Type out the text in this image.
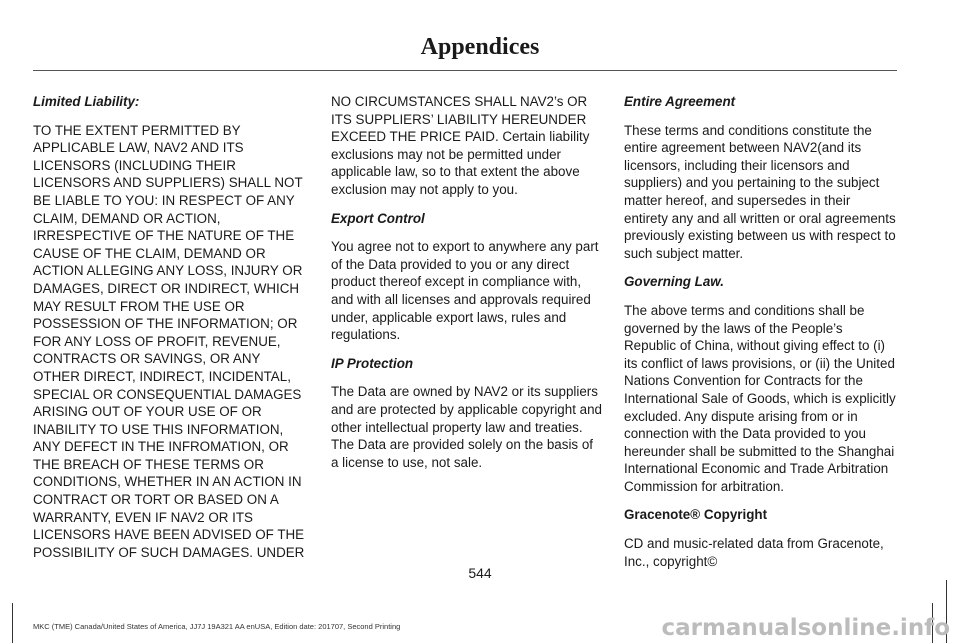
Appendices
Limited Liability:

TO THE EXTENT PERMITTED BY APPLICABLE LAW, NAV2 AND ITS LICENSORS (INCLUDING THEIR LICENSORS AND SUPPLIERS) SHALL NOT BE LIABLE TO YOU: IN RESPECT OF ANY CLAIM, DEMAND OR ACTION, IRRESPECTIVE OF THE NATURE OF THE CAUSE OF THE CLAIM, DEMAND OR ACTION ALLEGING ANY LOSS, INJURY OR DAMAGES, DIRECT OR INDIRECT, WHICH MAY RESULT FROM THE USE OR POSSESSION OF THE INFORMATION; OR FOR ANY LOSS OF PROFIT, REVENUE, CONTRACTS OR SAVINGS, OR ANY OTHER DIRECT, INDIRECT, INCIDENTAL, SPECIAL OR CONSEQUENTIAL DAMAGES ARISING OUT OF YOUR USE OF OR INABILITY TO USE THIS INFORMATION, ANY DEFECT IN THE INFROMATION, OR THE BREACH OF THESE TERMS OR CONDITIONS, WHETHER IN AN ACTION IN CONTRACT OR TORT OR BASED ON A WARRANTY, EVEN IF NAV2 OR ITS LICENSORS HAVE BEEN ADVISED OF THE POSSIBILITY OF SUCH DAMAGES. UNDER

NO CIRCUMSTANCES SHALL NAV2’s OR ITS SUPPLIERS’ LIABILITY HEREUNDER EXCEED THE PRICE PAID. Certain liability exclusions may not be permitted under applicable law, so to that extent the above exclusion may not apply to you.

Export Control

You agree not to export to anywhere any part of the Data provided to you or any direct product thereof except in compliance with, and with all licenses and approvals required under, applicable export laws, rules and regulations.

IP Protection

The Data are owned by NAV2 or its suppliers and are protected by applicable copyright and other intellectual property law and treaties. The Data are provided solely on the basis of a license to use, not sale.

Entire Agreement

These terms and conditions constitute the entire agreement between NAV2(and its licensors, including their licensors and suppliers) and you pertaining to the subject matter hereof, and supersedes in their entirety any and all written or oral agreements previously existing between us with respect to such subject matter.

Governing Law.

The above terms and conditions shall be governed by the laws of the People’s Republic of China, without giving effect to (i) its conflict of laws provisions, or (ii) the United Nations Convention for Contracts for the International Sale of Goods, which is explicitly excluded. Any dispute arising from or in connection with the Data provided to you hereunder shall be submitted to the Shanghai International Economic and Trade Arbitration Commission for arbitration.

Gracenote® Copyright

CD and music-related data from Gracenote, Inc., copyright©

544
MKC (TME) Canada/United States of America, JJ7J 19A321 AA enUSA, Edition date: 201707, Second Printing	carmanualsonline.info
